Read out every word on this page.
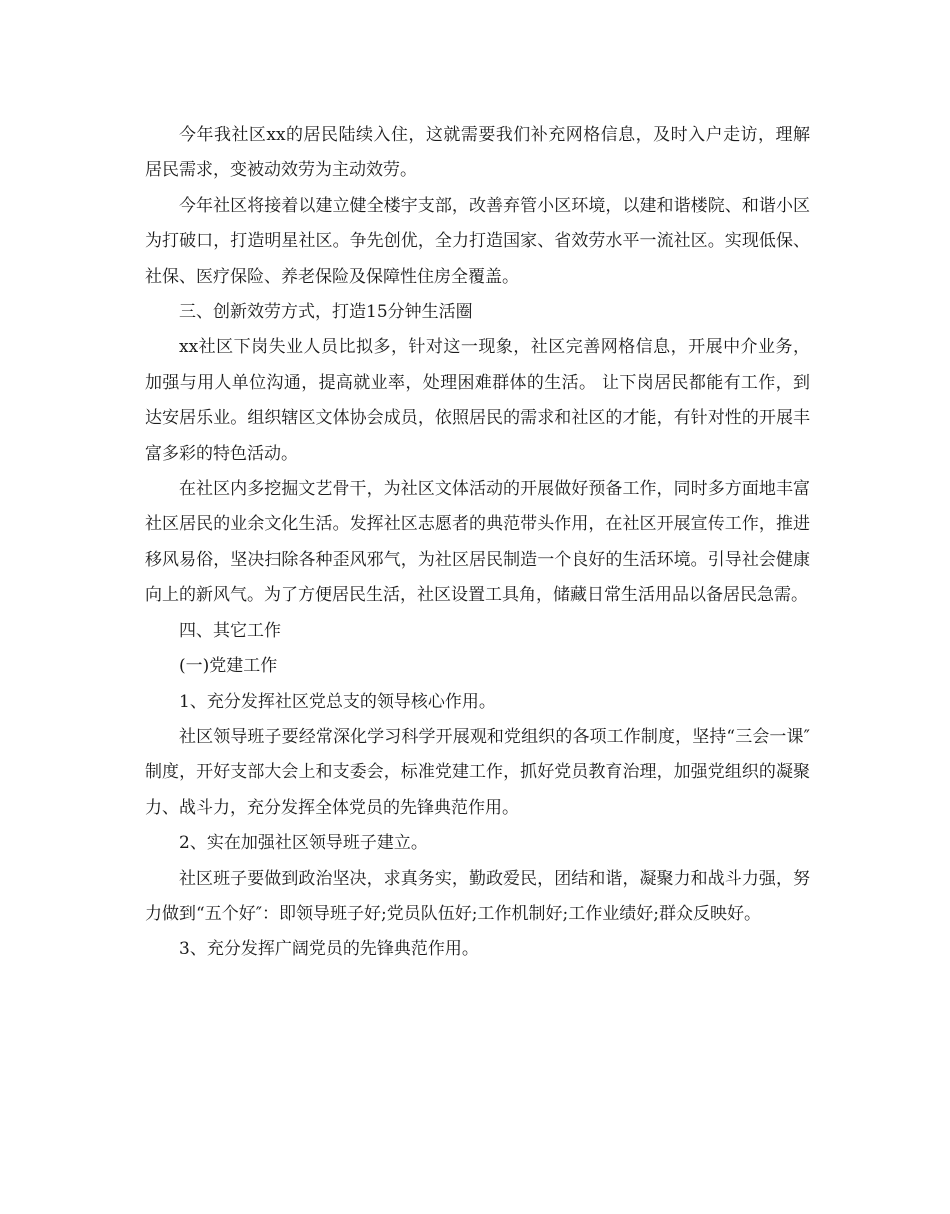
今年我社区xx的居民陆续入住，这就需要我们补充网格信息，及时入户走访，理解居民需求，变被动效劳为主动效劳。

今年社区将接着以建立健全楼宇支部，改善弃管小区环境，以建和谐楼院、和谐小区为打破口，打造明星社区。争先创优，全力打造国家、省效劳水平一流社区。实现低保、社保、医疗保险、养老保险及保障性住房全覆盖。

三、创新效劳方式，打造15分钟生活圈

xx社区下岗失业人员比拟多，针对这一现象，社区完善网格信息，开展中介业务，加强与用人单位沟通，提高就业率，处理困难群体的生活。 让下岗居民都能有工作，到达安居乐业。组织辖区文体协会成员，依照居民的需求和社区的才能，有针对性的开展丰富多彩的特色活动。

在社区内多挖掘文艺骨干，为社区文体活动的开展做好预备工作，同时多方面地丰富社区居民的业余文化生活。发挥社区志愿者的典范带头作用，在社区开展宣传工作，推进移风易俗，坚决扫除各种歪风邪气，为社区居民制造一个良好的生活环境。引导社会健康向上的新风气。为了方便居民生活，社区设置工具角，储藏日常生活用品以备居民急需。

四、其它工作

(一)党建工作

1、充分发挥社区党总支的领导核心作用。

社区领导班子要经常深化学习科学开展观和党组织的各项工作制度，坚持“三会一课″制度，开好支部大会上和支委会，标准党建工作，抓好党员教育治理，加强党组织的凝聚力、战斗力，充分发挥全体党员的先锋典范作用。

2、实在加强社区领导班子建立。

社区班子要做到政治坚决，求真务实，勤政爱民，团结和谐，凝聚力和战斗力强，努力做到“五个好″：即领导班子好;党员队伍好;工作机制好;工作业绩好;群众反映好。

3、充分发挥广阔党员的先锋典范作用。
